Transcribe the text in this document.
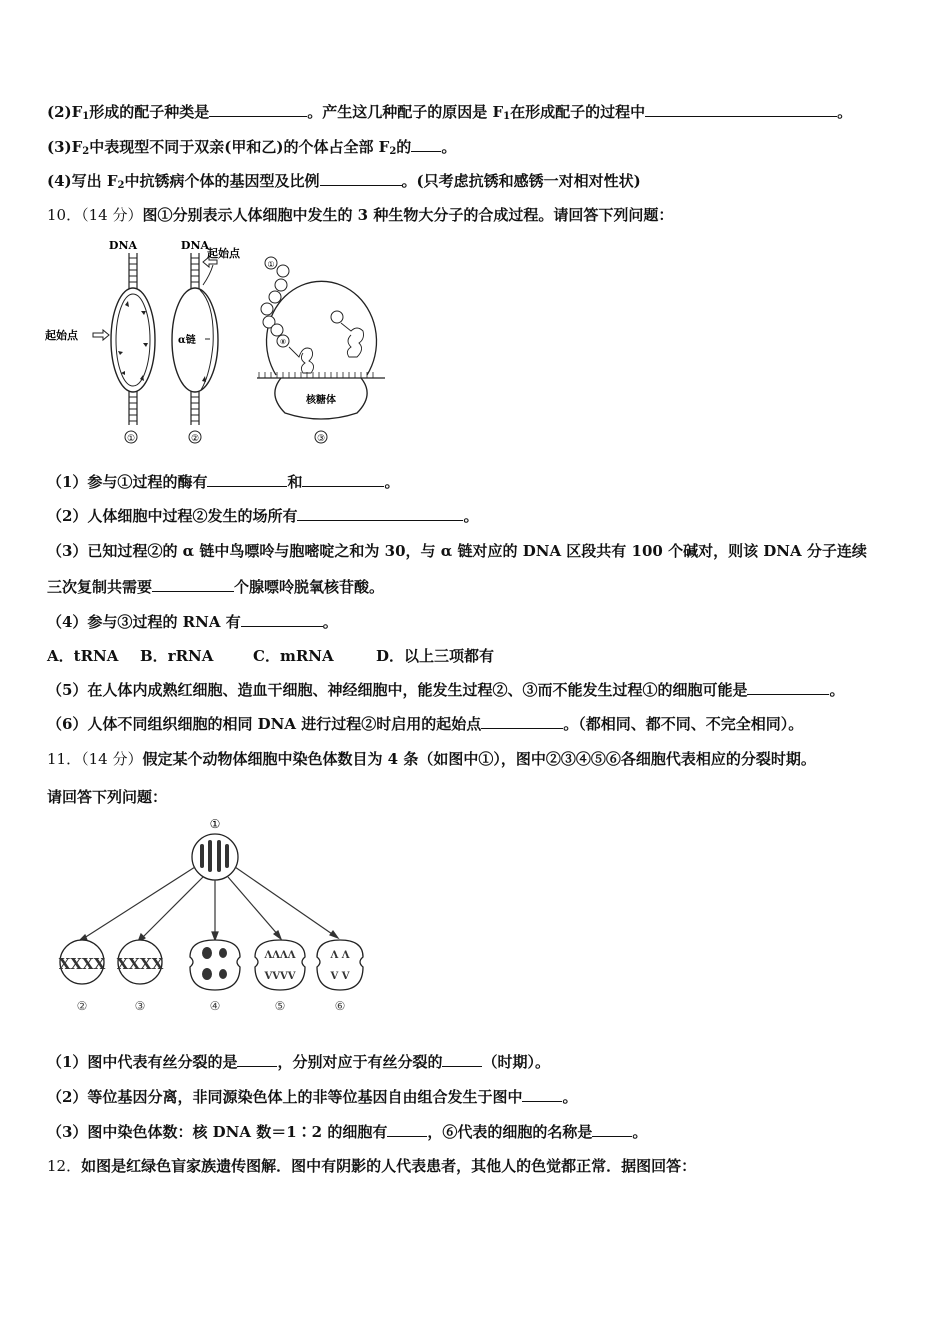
$(2)F_1$形成的配子种类是	。产生这几种配子的原因是 $F_1$在形成配子的过程中	。
$(3)F_2$中表现型不同于双亲(甲和乙)的个体占全部 $F_2$的 。
(4)写出 $F_2$中抗锈病个体的基因型及比例	。(只考虑抗锈和感锈一对相对性状)
10．（14 分）图①分别表示人体细胞中发生的 3 种生物大分子的合成过程。请回答下列问题：
DNA
起始点
①
DNA
α链
起始点
②
核糖体
①
⑧
③
（1）参与①过程的酶有	和	。
（2）人体细胞中过程②发生的场所有	。
（3）已知过程②的 α 链中鸟嘌呤与胞嘧啶之和为 30，与 α 链对应的 DNA 区段共有 100 个碱对，则该 DNA 分子连续
三次复制共需要	个腺嘌呤脱氧核苷酸。
（4）参与③过程的 RNA 有	。
A．tRNA B．rRNA	C．mRNA	D．以上三项都有
（5）在人体内成熟红细胞、造血干细胞、神经细胞中，能发生过程②、③而不能发生过程①的细胞可能是	。
（6）人体不同组织细胞的相同 DNA 进行过程②时启用的起始点	。（都相同、都不同、不完全相同）。
11．（14 分）假定某个动物体细胞中染色体数目为 4 条（如图中①），图中②③④⑤⑥各细胞代表相应的分裂时期。
请回答下列问题：
①
XXXX XXXX	ΛΛΛΛ
VVVV
Λ Λ
V V
②	③	④	⑤	⑥
（1）图中代表有丝分裂的是	，分别对应于有丝分裂的	（时期）。
（2）等位基因分离，非同源染色体上的非等位基因自由组合发生于图中	。
（3）图中染色体数：核 DNA 数＝1∶2 的细胞有	，⑥代表的细胞的名称是	。
12．如图是红绿色盲家族遗传图解．图中有阴影的人代表患者，其他人的色觉都正常．据图回答：
